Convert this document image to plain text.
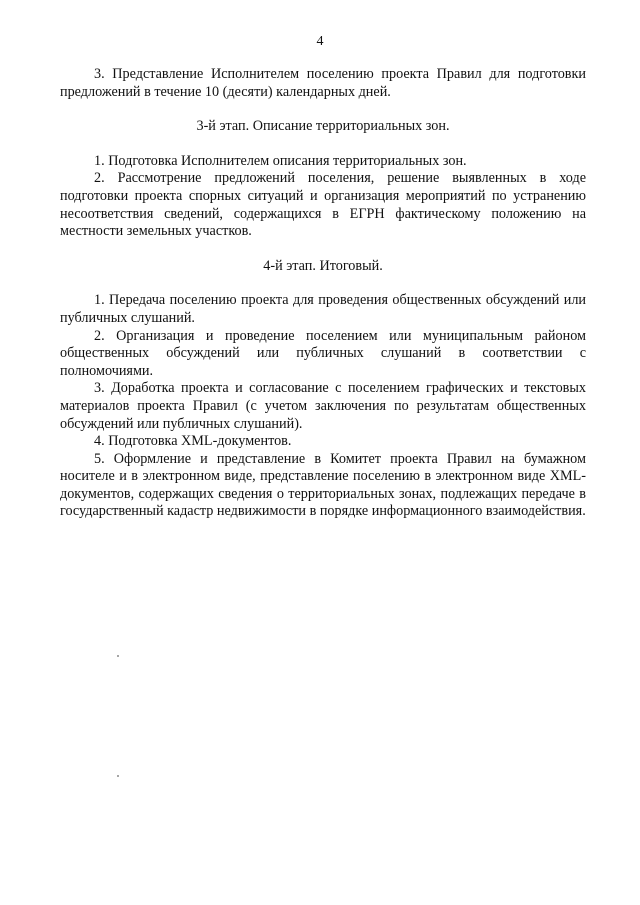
4

3. Представление Исполнителем поселению проекта Правил для подготовки предложений в течение 10 (десяти) календарных дней.

3-й этап. Описание территориальных зон.

1. Подготовка Исполнителем описания территориальных зон.

2. Рассмотрение предложений поселения, решение выявленных в ходе подготовки проекта спорных ситуаций и организация мероприятий по устранению несоответствия сведений, содержащихся в ЕГРН фактическому положению на местности земельных участков.

4-й этап. Итоговый.

1. Передача поселению проекта для проведения общественных обсуждений или публичных слушаний.

2. Организация и проведение поселением или муниципальным районом общественных обсуждений или публичных слушаний в соответствии с полномочиями.

3. Доработка проекта и согласование с поселением графических и текстовых материалов проекта Правил (с учетом заключения по результатам общественных обсуждений или публичных слушаний).

4. Подготовка XML-документов.

5. Оформление и представление в Комитет проекта Правил на бумажном носителе и в электронном виде, представление поселению в электронном виде XML-документов, содержащих сведения о территориальных зонах, подлежащих передаче в государственный кадастр недвижимости в порядке информационного взаимодействия.
